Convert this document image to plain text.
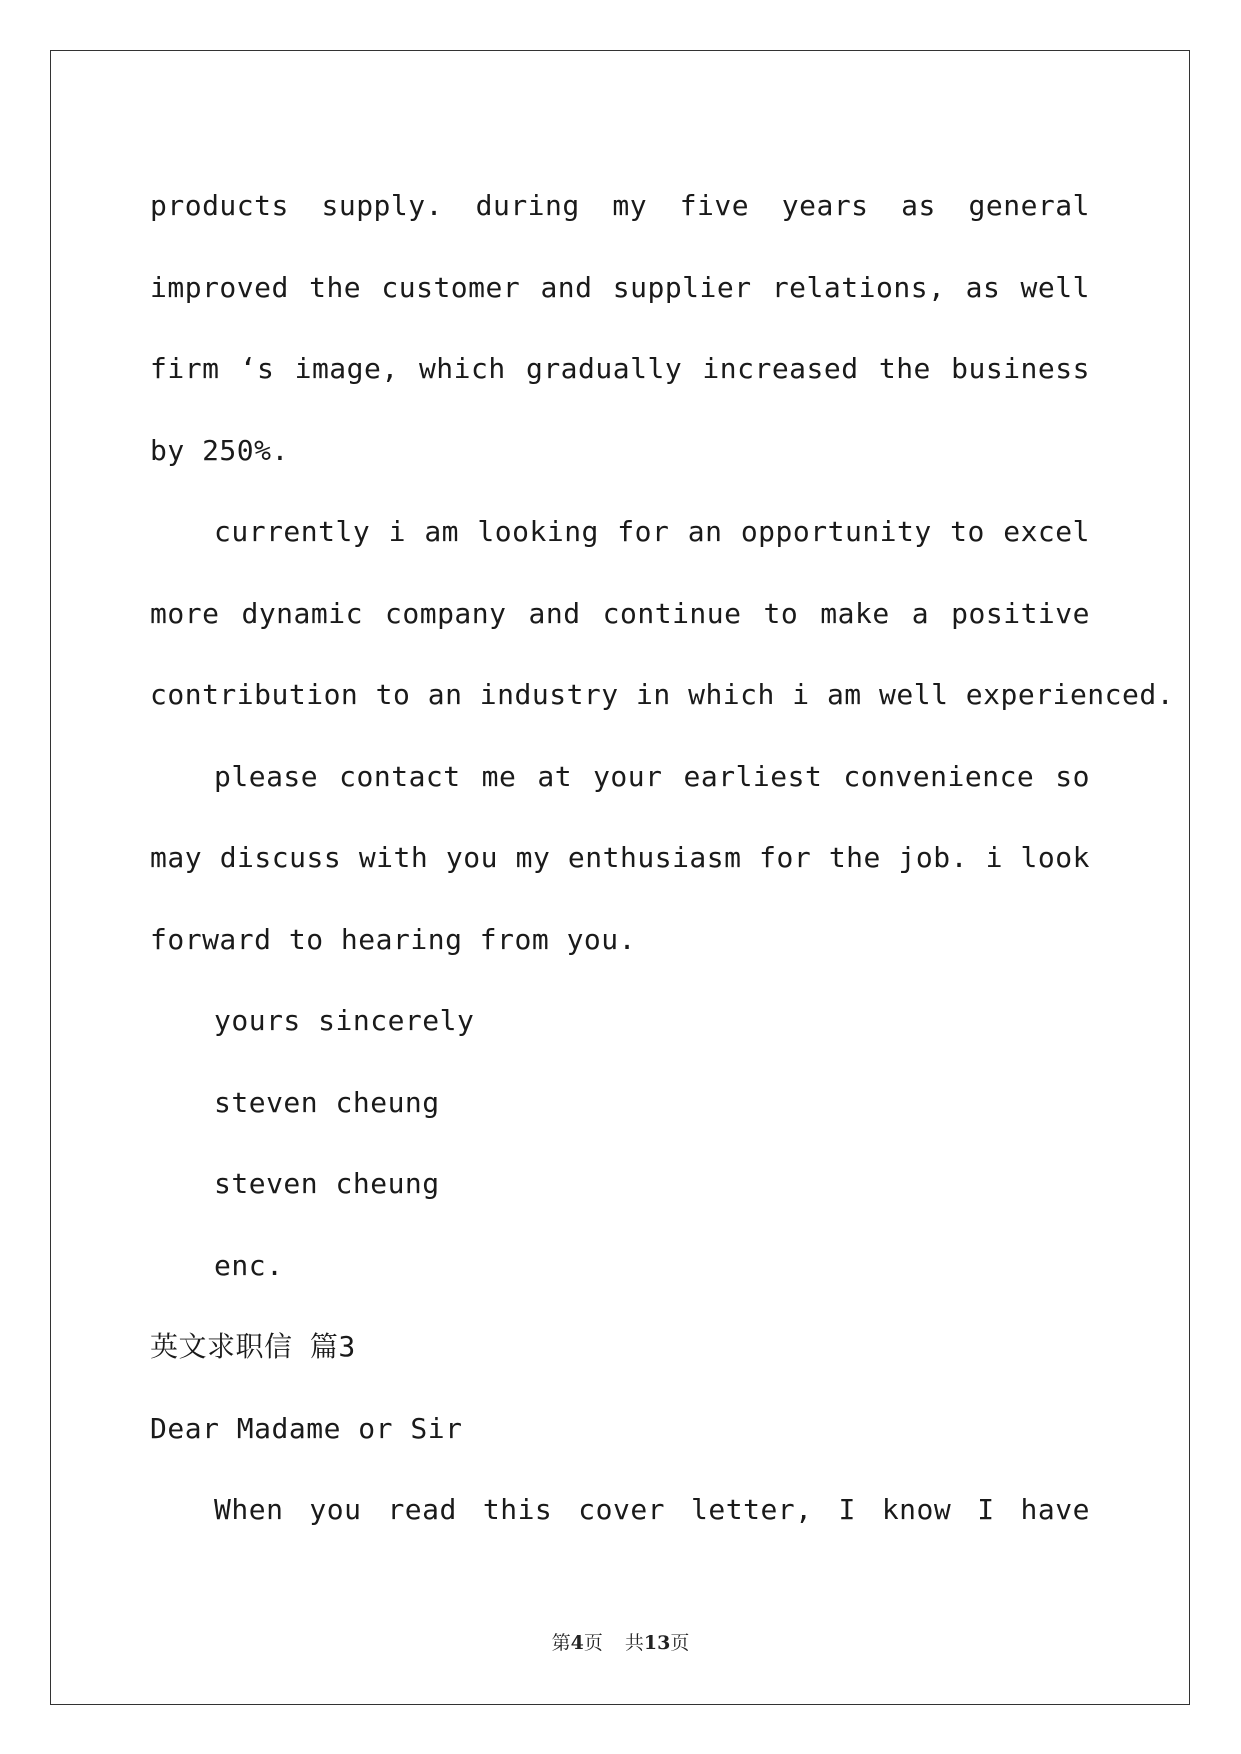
products supply. during my five years as general
improved the customer and supplier relations, as well
firm ‘s image, which gradually increased the business
by 250%.
currently i am looking for an opportunity to excel
more dynamic company and continue to make a positive
contribution to an industry in which i am well experienced.
please contact me at your earliest convenience so
may discuss with you my enthusiasm for the job. i look
forward to hearing from you.
yours sincerely
steven cheung
steven cheung
enc.
英文求职信 篇3
Dear Madame or Sir
When you read this cover letter, I know I have
第4页 共13页
